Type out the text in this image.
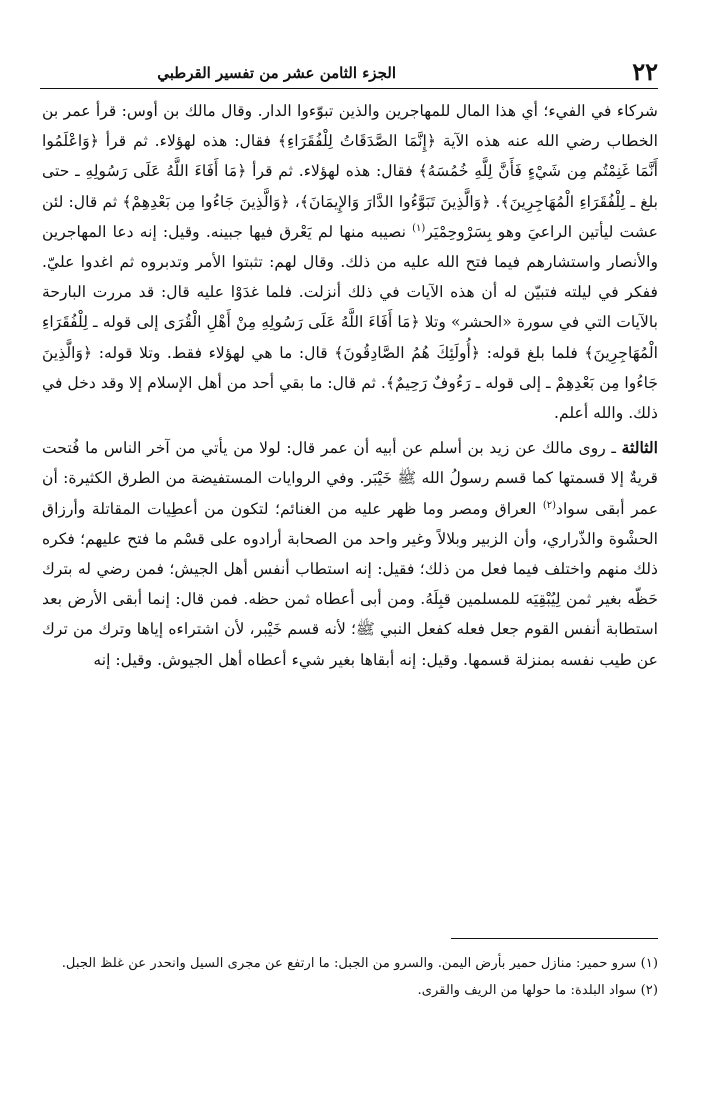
٢٢
الجزء الثامن عشر من تفسير القرطبي

شركاء في الفيء؛ أي هذا المال للمهاجرين والذين تبوّءوا الدار. وقال مالك بن أوس: قرأ عمر بن الخطاب رضي الله عنه هذه الآية ﴿إِنَّمَا الصَّدَقَاتُ لِلْفُقَرَاءِ﴾ فقال: هذه لهؤلاء. ثم قرأ ﴿وَاعْلَمُوا أَنَّمَا غَنِمْتُم مِن شَيْءٍ فَأَنَّ لِلَّهِ خُمُسَهُ﴾ فقال: هذه لهؤلاء. ثم قرأ ﴿مَا أَفَاءَ اللَّهُ عَلَى رَسُولِهِ ـ حتى بلغ ـ لِلْفُقَرَاءِ الْمُهَاجِرِينَ﴾. ﴿وَالَّذِينَ تَبَوَّءُوا الدَّارَ وَالإِيمَانَ﴾، ﴿وَالَّذِينَ جَاءُوا مِن بَعْدِهِمْ﴾ ثم قال: لئن عشت ليأتين الراعيَ وهو بِسَرْوحِمْيَر$^{(١)}$ نصيبه منها لم يَعْرق فيها جبينه. وقيل: إنه دعا المهاجرين والأنصار واستشارهم فيما فتح الله عليه من ذلك. وقال لهم: تثبتوا الأمر وتدبروه ثم اغدوا عليّ. ففكر في ليلته فتبيّن له أن هذه الآيات في ذلك أنزلت. فلما غدَوْا عليه قال: قد مررت البارحة بالآيات التي في سورة «الحشر» وتلا ﴿مَا أَفَاءَ اللَّهُ عَلَى رَسُولِهِ مِنْ أَهْلِ الْقُرَى إلى قوله ـ لِلْفُقَرَاءِ الْمُهَاجِرِينَ﴾ فلما بلغ قوله: ﴿أُولَئِكَ هُمُ الصَّادِقُونَ﴾ قال: ما هي لهؤلاء فقط. وتلا قوله: ﴿وَالَّذِينَ جَاءُوا مِن بَعْدِهِمْ ـ إلى قوله ـ رَءُوفٌ رَحِيمٌ﴾. ثم قال: ما بقي أحد من أهل الإسلام إلا وقد دخل في ذلك. والله أعلم.

الثالثة ـ روى مالك عن زيد بن أسلم عن أبيه أن عمر قال: لولا من يأتي من آخر الناس ما فُتحت قريةٌ إلا قسمتها كما قسم رسولُ الله ﷺ خَيْبَر. وفي الروايات المستفيضة من الطرق الكثيرة: أن عمر أبقى سواد$^{(٢)}$ العراق ومصر وما ظهر عليه من الغنائم؛ لتكون من أعطِيات المقاتلة وأرزاق الحشْوة والذّراري، وأن الزبير وبلالاً وغير واحد من الصحابة أرادوه على قسْم ما فتح عليهم؛ فكره ذلك منهم واختلف فيما فعل من ذلك؛ فقيل: إنه استطاب أنفس أهل الجيش؛ فمن رضي له بترك حَظّه بغير ثمن لِيُبْقِيَه للمسلمين قبِلَهُ. ومن أبى أعطاه ثمن حظه. فمن قال: إنما أبقى الأرض بعد استطابة أنفس القوم جعل فعله كفعل النبي ﷺ؛ لأنه قسم خَيْبر، لأن اشتراءه إياها وترك من ترك عن طيب نفسه بمنزلة قسمها. وقيل: إنه أبقاها بغير شيء أعطاه أهل الجيوش. وقيل: إنه

(١) سرو حمير: منازل حمير بأرض اليمن. والسرو من الجبل: ما ارتفع عن مجرى السيل وانحدر عن غلظ الجبل.

(٢) سواد البلدة: ما حولها من الريف والقرى.
